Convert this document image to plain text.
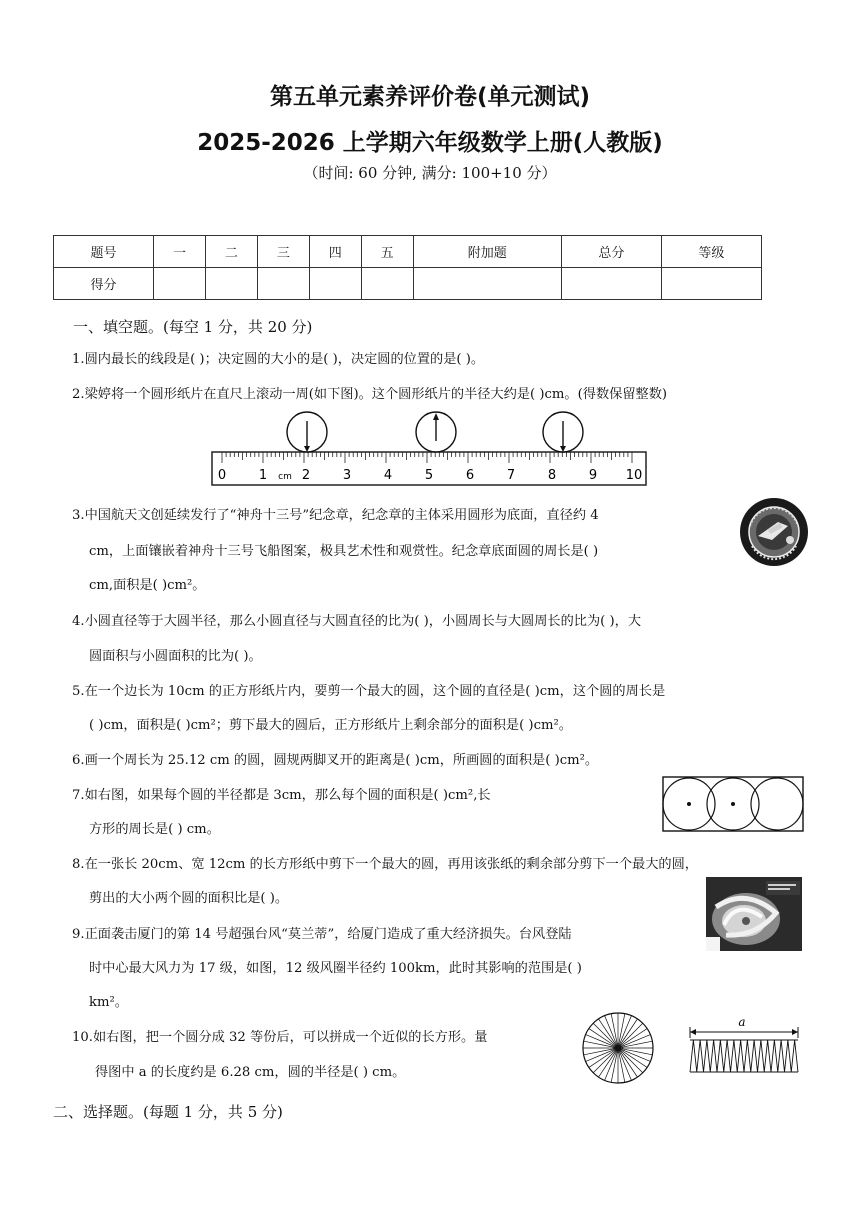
第五单元素养评价卷(单元测试)
2025-2026 上学期六年级数学上册(人教版)
（时间: 60 分钟, 满分: 100+10 分）
题号	一	二	三	四	五	附加题	总分	等级
得分								
一、填空题。(每空 1 分，共 20 分)
1.圆内最长的线段是( )；决定圆的大小的是( )，决定圆的位置的是( )。
2.梁婷将一个圆形纸片在直尺上滚动一周(如下图)。这个圆形纸片的半径大约是( )cm。(得数保留整数)
0	1 cm 2	3	4	5	6	7	8	9 10
3.中国航天文创延续发行了“神舟十三号”纪念章，纪念章的主体采用圆形为底面，直径约 4
cm，上面镶嵌着神舟十三号飞船图案，极具艺术性和观赏性。纪念章底面圆的周长是( )
cm,面积是( )cm²。
4.小圆直径等于大圆半径，那么小圆直径与大圆直径的比为( )，小圆周长与大圆周长的比为( )，大
圆面积与小圆面积的比为( )。
5.在一个边长为 10cm 的正方形纸片内，要剪一个最大的圆，这个圆的直径是( )cm，这个圆的周长是
( )cm，面积是( )cm²；剪下最大的圆后，正方形纸片上剩余部分的面积是( )cm²。
6.画一个周长为 25.12 cm 的圆，圆规两脚叉开的距离是( )cm，所画圆的面积是( )cm²。
7.如右图，如果每个圆的半径都是 3cm，那么每个圆的面积是( )cm²,长
方形的周长是( ) cm。
8.在一张长 20cm、宽 12cm 的长方形纸中剪下一个最大的圆，再用该张纸的剩余部分剪下一个最大的圆，
剪出的大小两个圆的面积比是( )。
9.正面袭击厦门的第 14 号超强台风“莫兰蒂”，给厦门造成了重大经济损失。台风登陆
时中心最大风力为 17 级，如图，12 级风圈半径约 100km，此时其影响的范围是( )
km²。
10.如右图，把一个圆分成 32 等份后，可以拼成一个近似的长方形。量
得图中 a 的长度约是 6.28 cm，圆的半径是( ) cm。
a
二、选择题。(每题 1 分，共 5 分)
